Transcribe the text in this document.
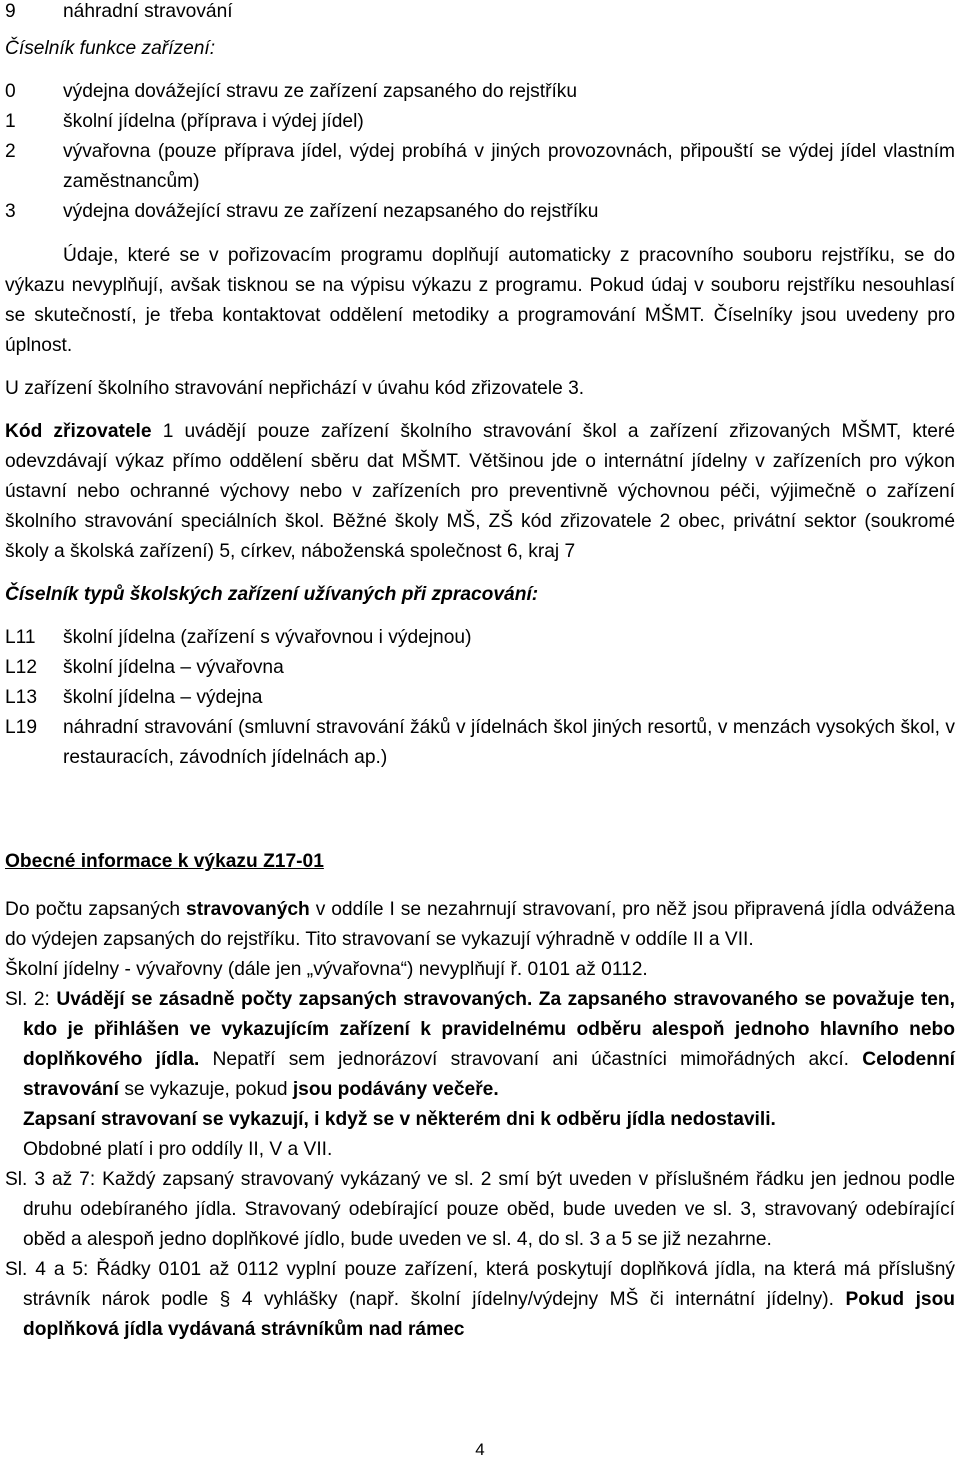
9	náhradní stravování

Číselník funkce zařízení:

0	výdejna dovážející stravu ze zařízení zapsaného do rejstříku
1	školní jídelna (příprava i výdej jídel)
2	vývařovna (pouze příprava jídel, výdej probíhá v jiných provozovnách, připouští se výdej jídel vlastním zaměstnancům)
3	výdejna dovážející stravu ze zařízení nezapsaného do rejstříku

Údaje, které se v pořizovacím programu doplňují automaticky z pracovního souboru rejstříku, se do výkazu nevyplňují, avšak tisknou se na výpisu výkazu z programu. Pokud údaj v souboru rejstříku nesouhlasí se skutečností, je třeba kontaktovat oddělení metodiky a programování MŠMT. Číselníky jsou uvedeny pro úplnost.

U zařízení školního stravování nepřichází v úvahu kód zřizovatele 3.

Kód zřizovatele 1 uvádějí pouze zařízení školního stravování škol a zařízení zřizovaných MŠMT, které odevzdávají výkaz přímo oddělení sběru dat MŠMT. Většinou jde o internátní jídelny v zařízeních pro výkon ústavní nebo ochranné výchovy nebo v zařízeních pro preventivně výchovnou péči, výjimečně o zařízení školního stravování speciálních škol. Běžné školy MŠ, ZŠ kód zřizovatele 2 obec, privátní sektor (soukromé školy a školská zařízení) 5, církev, náboženská společnost 6, kraj 7

Číselník typů školských zařízení užívaných při zpracování:

L11	školní jídelna (zařízení s vývařovnou i výdejnou)
L12	školní jídelna – vývařovna
L13	školní jídelna – výdejna
L19	náhradní stravování (smluvní stravování žáků v jídelnách škol jiných resortů, v menzách vysokých škol, v restauracích, závodních jídelnách ap.)

Obecné informace k výkazu Z17-01

Do počtu zapsaných stravovaných v oddíle I se nezahrnují stravovaní, pro něž jsou připravená jídla odvážena do výdejen zapsaných do rejstříku. Tito stravovaní se vykazují výhradně v oddíle II a VII.

Školní jídelny - vývařovny (dále jen „vývařovna“) nevyplňují ř. 0101 až 0112.

Sl. 2: Uvádějí se zásadně počty zapsaných stravovaných. Za zapsaného stravovaného se považuje ten, kdo je přihlášen ve vykazujícím zařízení k pravidelnému odběru alespoň jednoho hlavního nebo doplňkového jídla. Nepatří sem jednorázoví stravovaní ani účastníci mimořádných akcí. Celodenní stravování se vykazuje, pokud jsou podávány večeře.

Zapsaní stravovaní se vykazují, i když se v některém dni k odběru jídla nedostavili.

Obdobné platí i pro oddíly II, V a VII.

Sl. 3 až 7: Každý zapsaný stravovaný vykázaný ve sl. 2 smí být uveden v příslušném řádku jen jednou podle druhu odebíraného jídla. Stravovaný odebírající pouze oběd, bude uveden ve sl. 3, stravovaný odebírající oběd a alespoň jedno doplňkové jídlo, bude uveden ve sl. 4, do sl. 3 a 5 se již nezahrne.

Sl. 4 a 5: Řádky 0101 až 0112 vyplní pouze zařízení, která poskytují doplňková jídla, na která má příslušný strávník nárok podle § 4 vyhlášky (např. školní jídelny/výdejny MŠ či internátní jídelny). Pokud jsou doplňková jídla vydávaná strávníkům nad rámec

4
